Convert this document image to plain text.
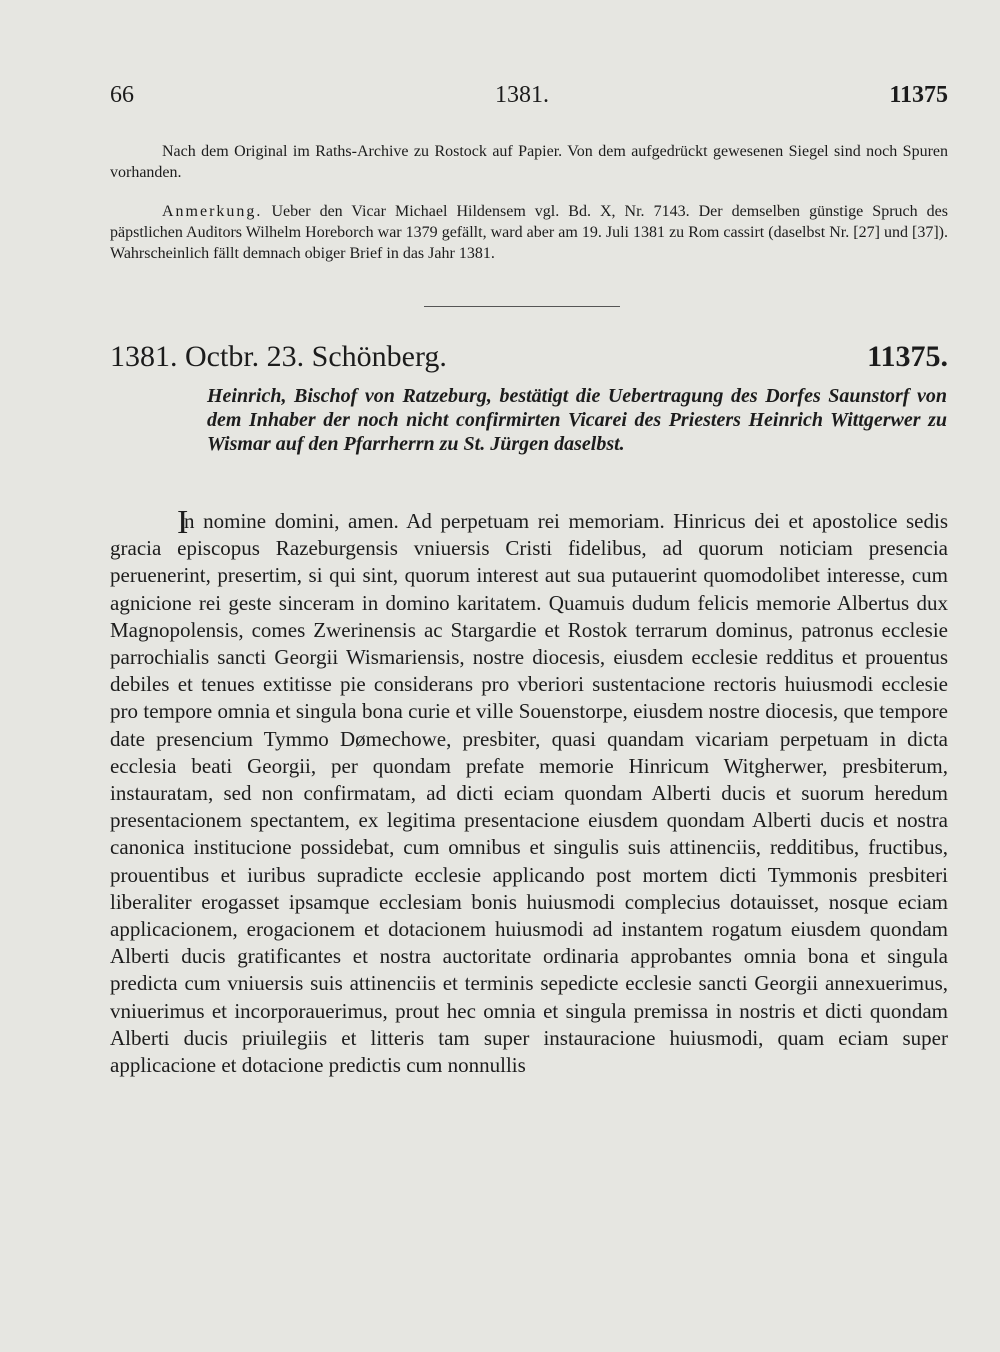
66	1381.	11375

Nach dem Original im Raths-Archive zu Rostock auf Papier. Von dem aufgedrückt gewesenen Siegel sind noch Spuren vorhanden.

Anmerkung. Ueber den Vicar Michael Hildensem vgl. Bd. X, Nr. 7143. Der demselben günstige Spruch des päpstlichen Auditors Wilhelm Horeborch war 1379 gefällt, ward aber am 19. Juli 1381 zu Rom cassirt (daselbst Nr. [27] und [37]). Wahrscheinlich fällt demnach obiger Brief in das Jahr 1381.

1381. Octbr. 23. Schönberg.	11375.

Heinrich, Bischof von Ratzeburg, bestätigt die Uebertragung des Dorfes Saunstorf von dem Inhaber der noch nicht confirmirten Vicarei des Priesters Heinrich Wittgerwer zu Wismar auf den Pfarrherrn zu St. Jürgen daselbst.

I

n nomine domini, amen. Ad perpetuam rei memoriam. Hinricus dei et apostolice sedis gracia episcopus Razeburgensis vniuersis Cristi fidelibus, ad quorum noticiam presencia peruenerint, presertim, si qui sint, quorum interest aut sua putauerint quomodolibet interesse, cum agnicione rei geste sinceram in domino karitatem. Quamuis dudum felicis memorie Albertus dux Magnopolensis, comes Zwerinensis ac Stargardie et Rostok terrarum dominus, patronus ecclesie parrochialis sancti Georgii Wismariensis, nostre diocesis, eiusdem ecclesie redditus et prouentus debiles et tenues extitisse pie considerans pro vberiori sustentacione rectoris huiusmodi ecclesie pro tempore omnia et singula bona curie et ville Souenstorpe, eiusdem nostre diocesis, que tempore date presencium Tymmo Dømechowe, presbiter, quasi quandam vicariam perpetuam in dicta ecclesia beati Georgii, per quondam prefate memorie Hinricum Witgherwer, presbiterum, instauratam, sed non confirmatam, ad dicti eciam quondam Alberti ducis et suorum heredum presentacionem spectantem, ex legitima presentacione eiusdem quondam Alberti ducis et nostra canonica institucione possidebat, cum omnibus et singulis suis attinenciis, redditibus, fructibus, prouentibus et iuribus supradicte ecclesie applicando post mortem dicti Tymmonis presbiteri liberaliter erogasset ipsamque ecclesiam bonis huiusmodi complecius dotauisset, nosque eciam applicacionem, erogacionem et dotacionem huiusmodi ad instantem rogatum eiusdem quondam Alberti ducis gratificantes et nostra auctoritate ordinaria approbantes omnia bona et singula predicta cum vniuersis suis attinenciis et terminis sepedicte ecclesie sancti Georgii annexuerimus, vniuerimus et incorporauerimus, prout hec omnia et singula premissa in nostris et dicti quondam Alberti ducis priuilegiis et litteris tam super instauracione huiusmodi, quam eciam super applicacione et dotacione predictis cum nonnullis
